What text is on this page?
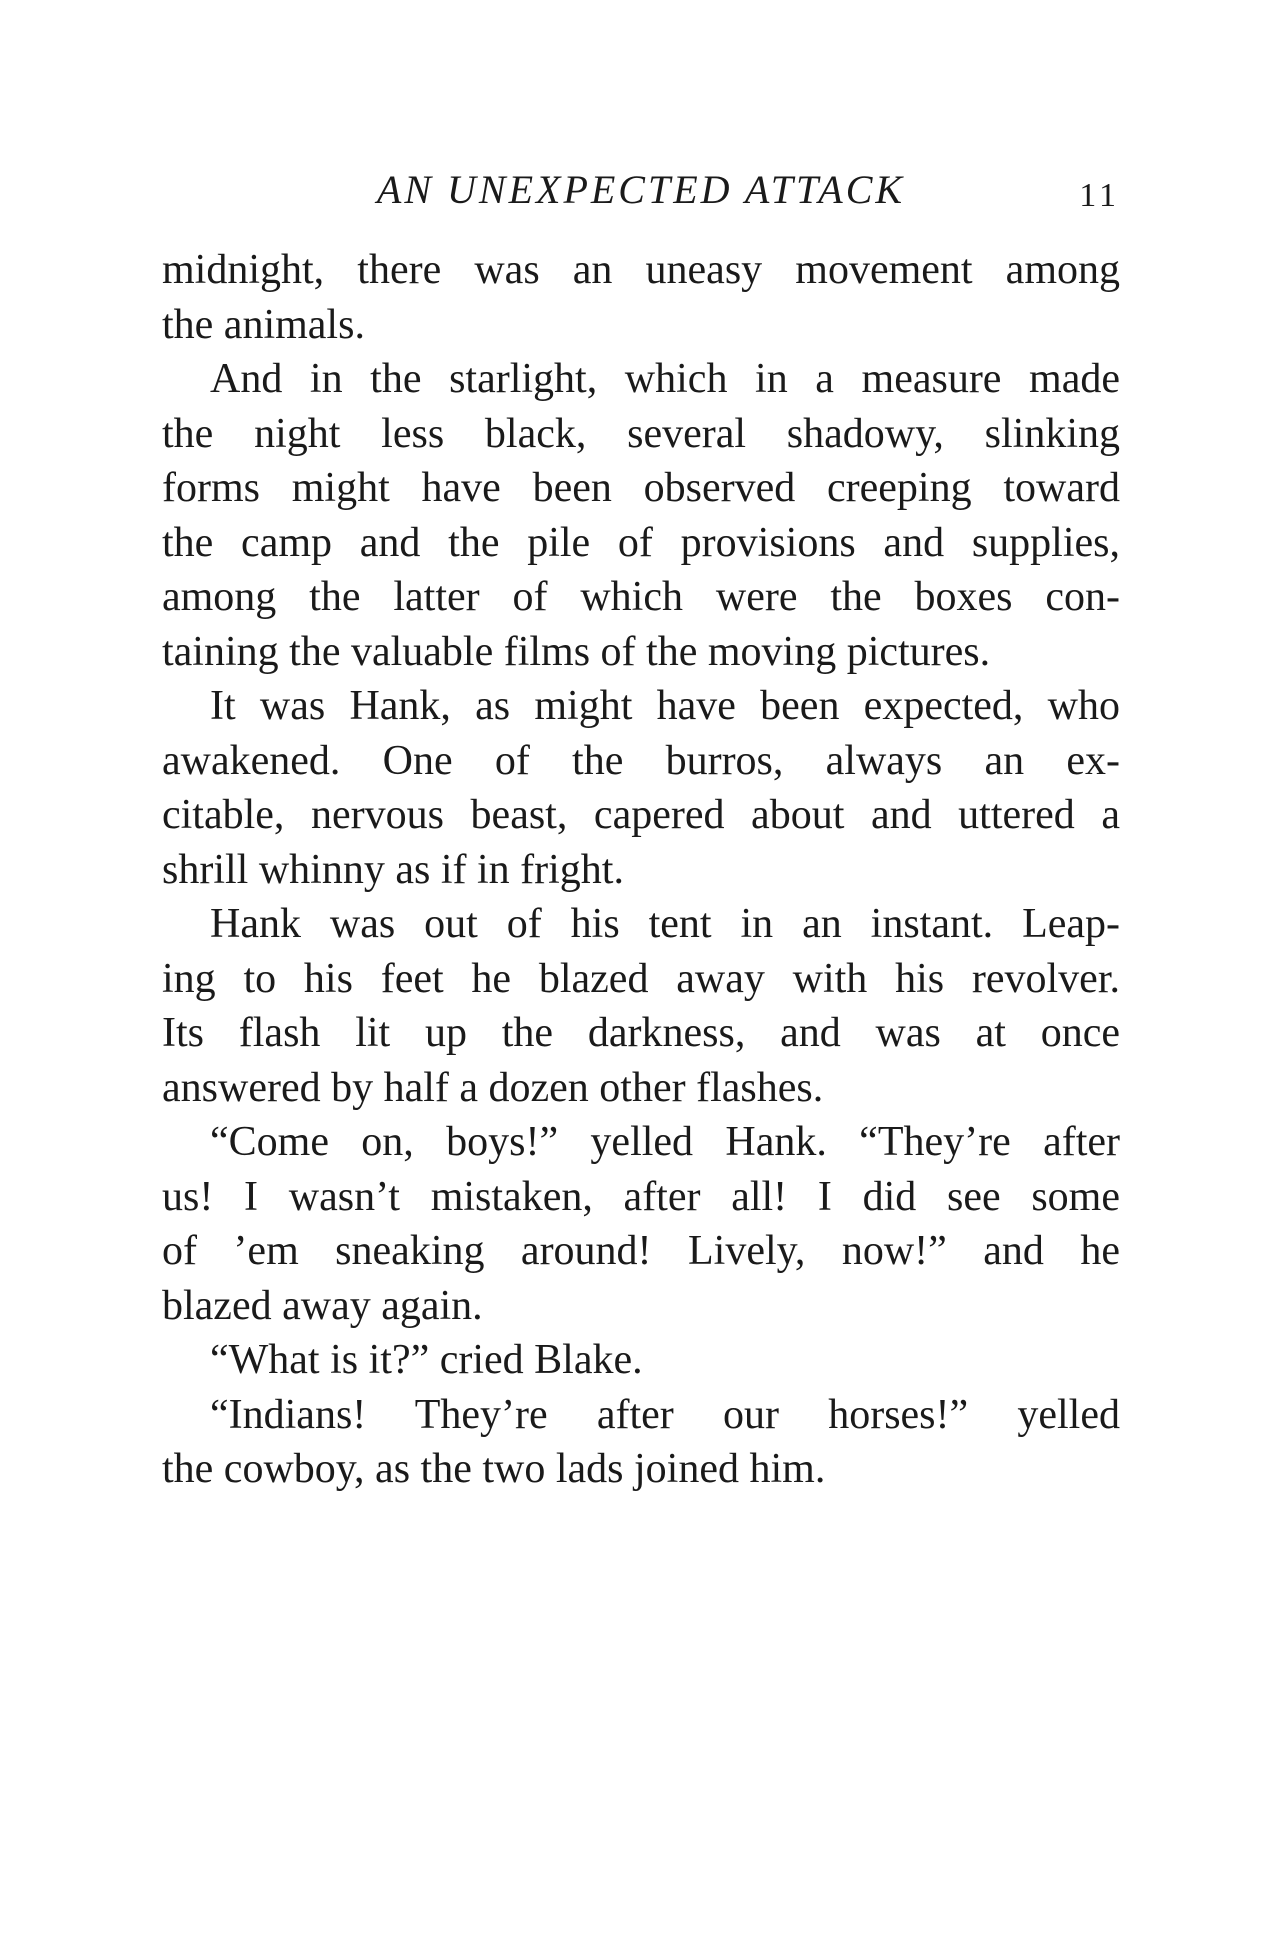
AN UNEXPECTED ATTACK	11
midnight, there was an uneasy movement among
the animals.
And in the starlight, which in a measure made
the night less black, several shadowy, slinking
forms might have been observed creeping toward
the camp and the pile of provisions and supplies,
among the latter of which were the boxes con-
taining the valuable films of the moving pictures.
It was Hank, as might have been expected, who
awakened. One of the burros, always an ex-
citable, nervous beast, capered about and uttered a
shrill whinny as if in fright.
Hank was out of his tent in an instant. Leap-
ing to his feet he blazed away with his revolver.
Its flash lit up the darkness, and was at once
answered by half a dozen other flashes.
“Come on, boys!” yelled Hank. “They’re after
us! I wasn’t mistaken, after all! I did see some
of ’em sneaking around! Lively, now!” and he
blazed away again.
“What is it?” cried Blake.
“Indians! They’re after our horses!” yelled
the cowboy, as the two lads joined him.
